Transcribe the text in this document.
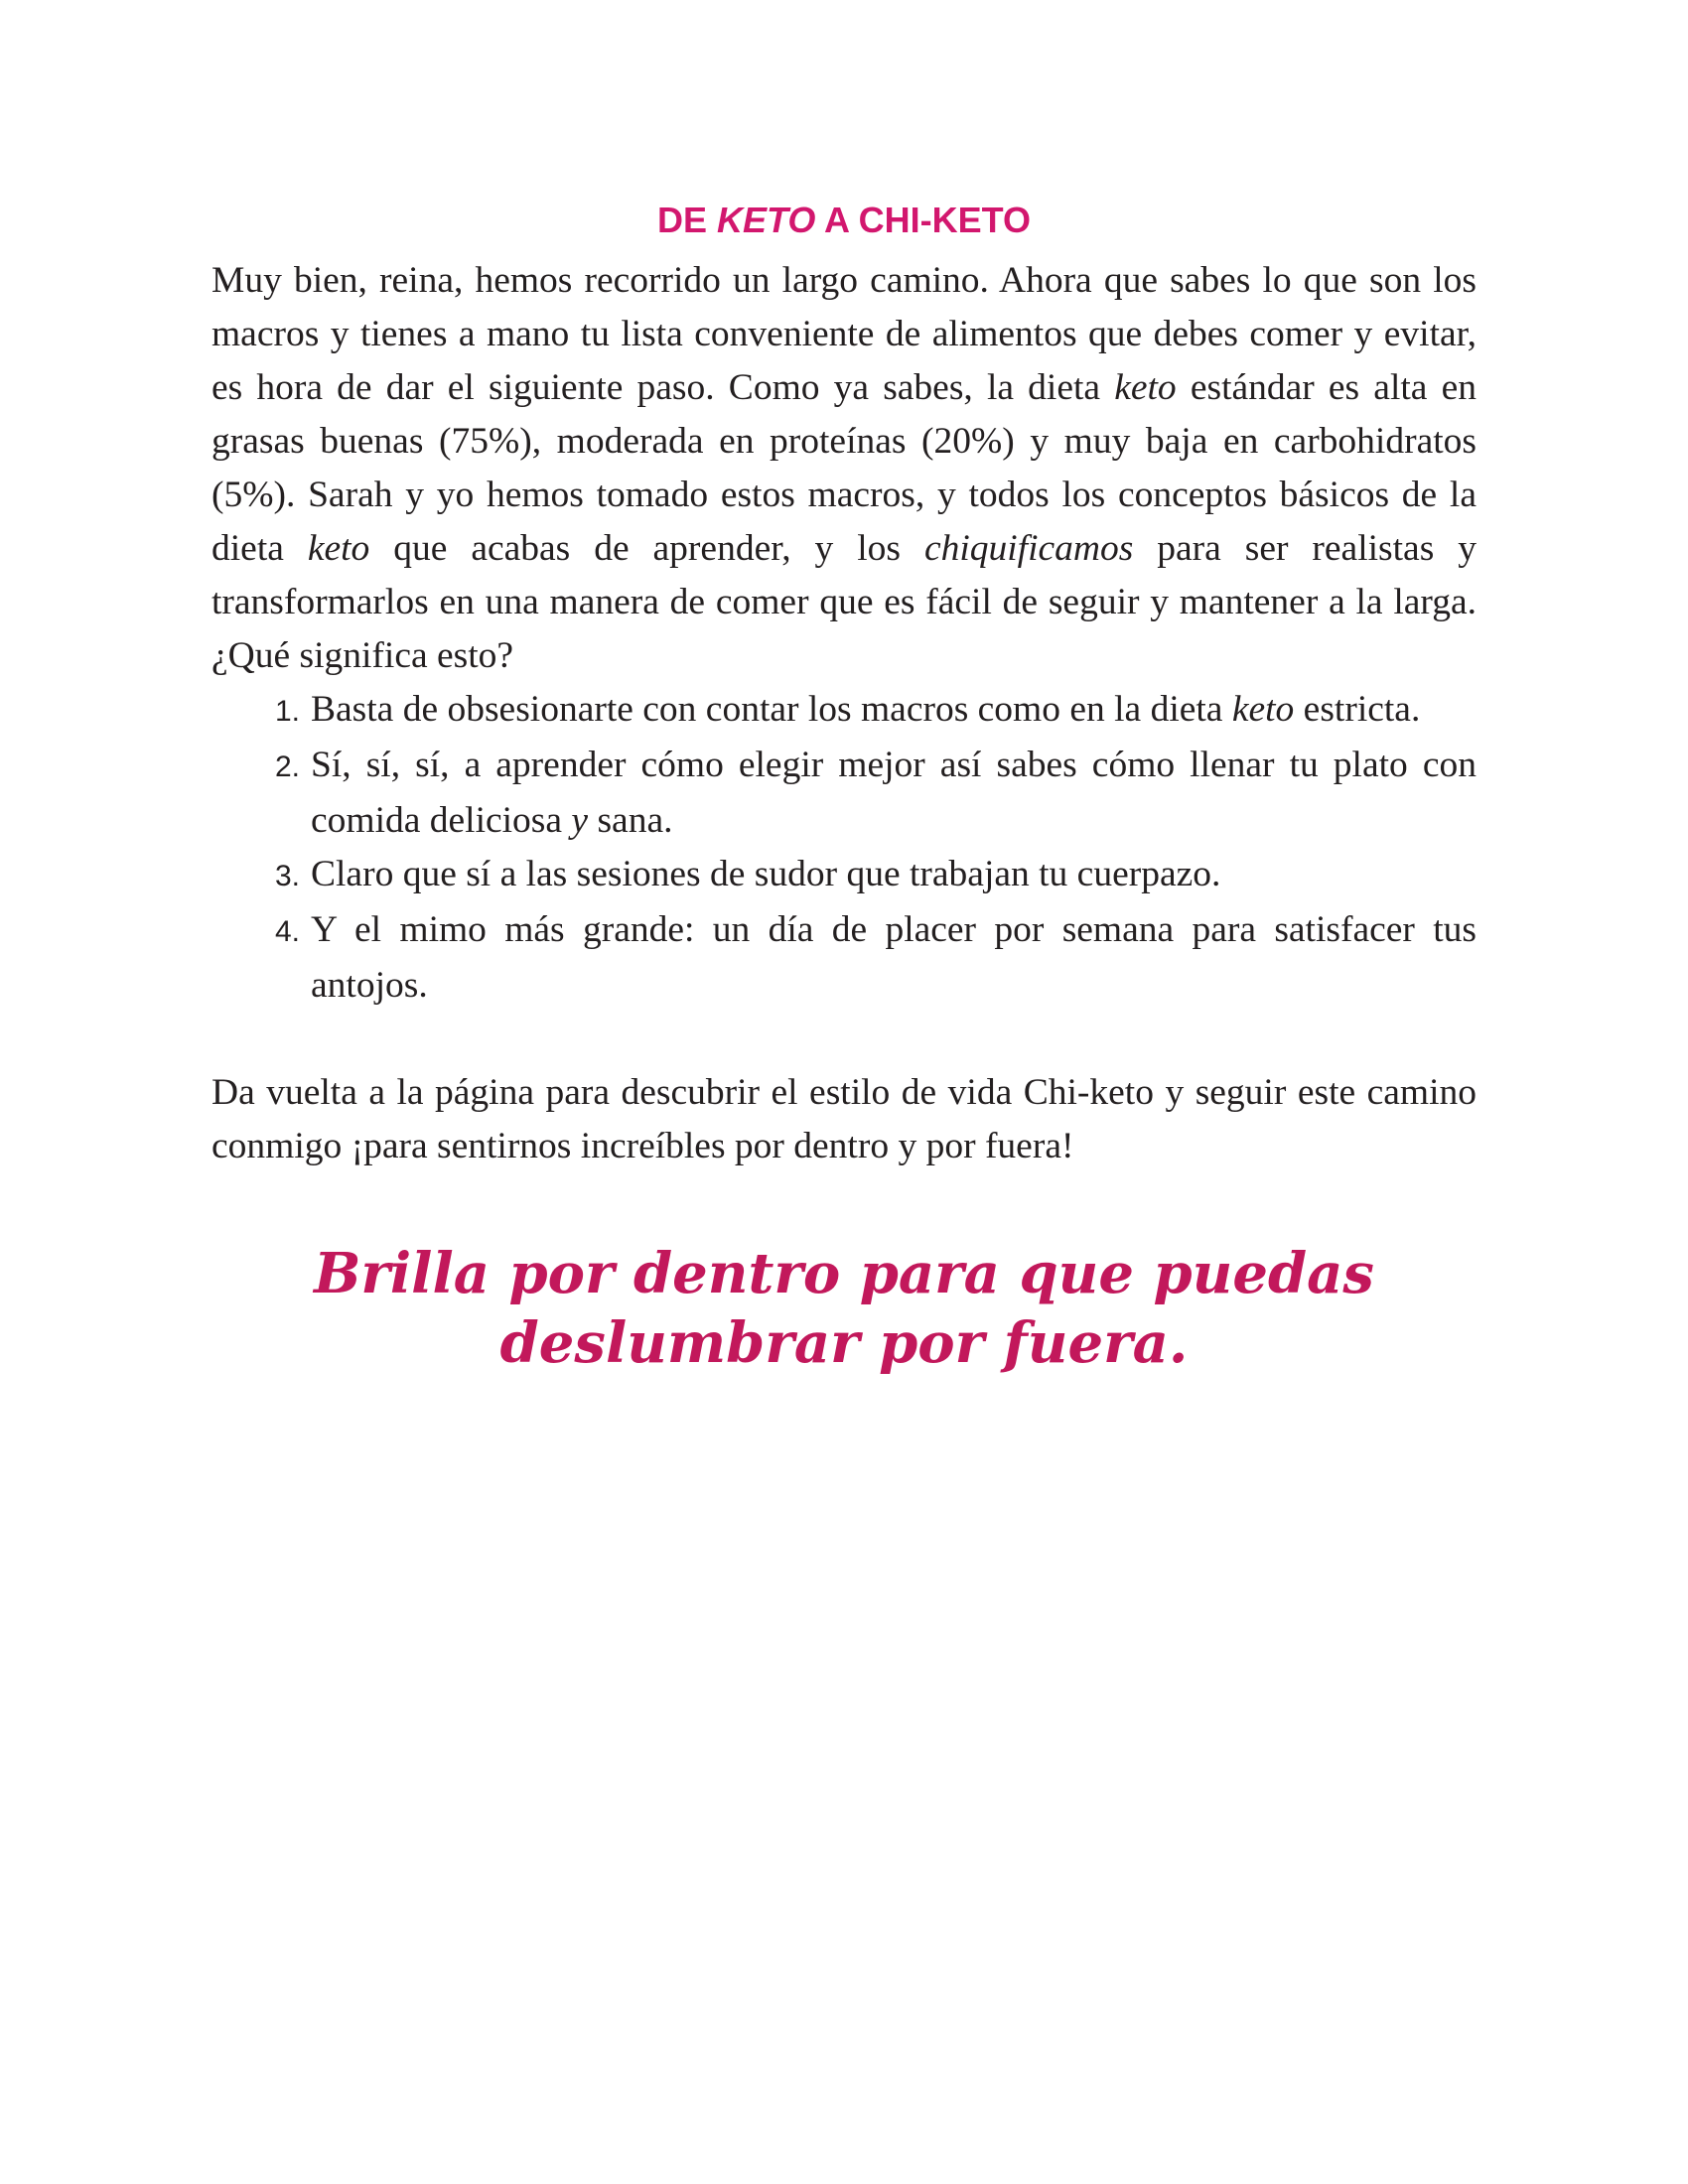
DE KETO A CHI-KETO

Muy bien, reina, hemos recorrido un largo camino. Ahora que sabes lo que son los macros y tienes a mano tu lista conveniente de alimentos que debes comer y evitar, es hora de dar el siguiente paso. Como ya sabes, la dieta keto estándar es alta en grasas buenas (75%), moderada en proteínas (20%) y muy baja en carbohidratos (5%). Sarah y yo hemos tomado estos macros, y todos los conceptos básicos de la dieta keto que acabas de aprender, y los chiquificamos para ser realistas y transformarlos en una manera de comer que es fácil de seguir y mantener a la larga. ¿Qué significa esto?

1. Basta de obsesionarte con contar los macros como en la dieta keto estricta.
2. Sí, sí, sí, a aprender cómo elegir mejor así sabes cómo llenar tu plato con comida deliciosa y sana.
3. Claro que sí a las sesiones de sudor que trabajan tu cuerpazo.
4. Y el mimo más grande: un día de placer por semana para satisfacer tus antojos.

Da vuelta a la página para descubrir el estilo de vida Chi-keto y seguir este camino conmigo ¡para sentirnos increíbles por dentro y por fuera!

Brilla por dentro para que puedas
deslumbrar por fuera.
